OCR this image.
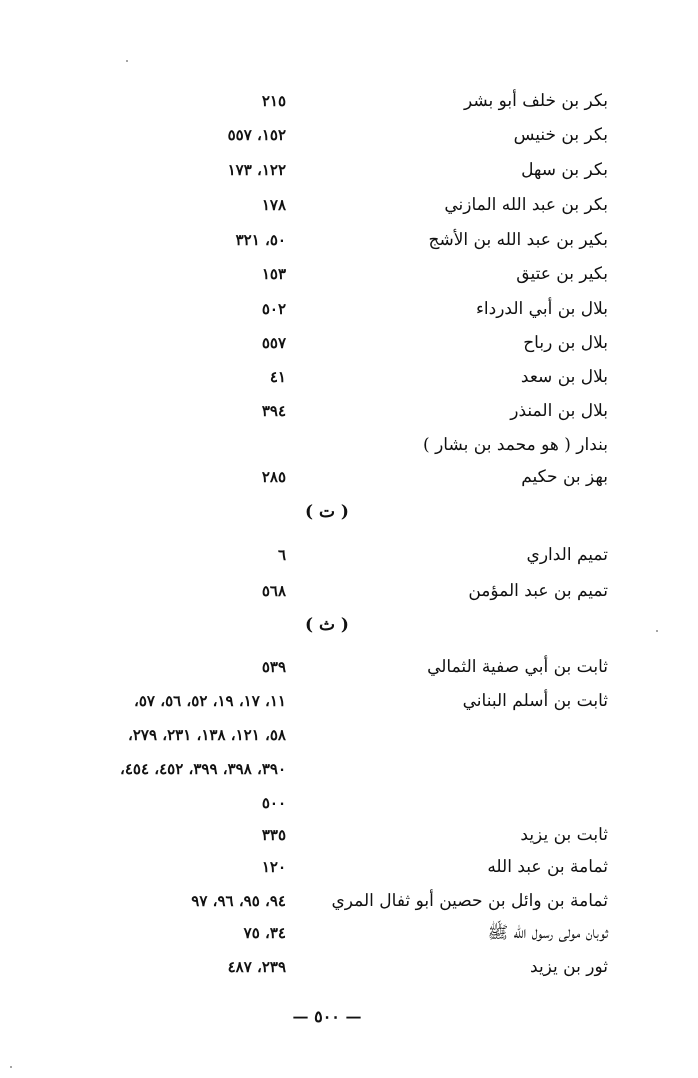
بكر بن خلف أبو بشر
٢١٥
بكر بن خنيس
١٥٢، ٥٥٧
بكر بن سهل
١٢٢، ١٧٣
بكر بن عبد الله المازني
١٧٨
بكير بن عبد الله بن الأشج
٥٠، ٣٢١
بكير بن عتيق
١٥٣
بلال بن أبي الدرداء
٥٠٢
بلال بن رباح
٥٥٧
بلال بن سعد
٤١
بلال بن المنذر
٣٩٤
بندار ( هو محمد بن بشار )
بهز بن حكيم
٢٨٥
( ت )
تميم الداري
٦
تميم بن عبد المؤمن
٥٦٨
( ث )
ثابت بن أبي صفية الثمالي
٥٣٩
ثابت بن أسلم البناني
١١، ١٧، ١٩، ٥٢، ٥٦، ٥٧،
٥٨، ١٢١، ١٣٨، ٢٣١، ٢٧٩،
٣٩٠، ٣٩٨، ٣٩٩، ٤٥٢، ٤٥٤،
٥٠٠
ثابت بن يزيد
٣٣٥
ثمامة بن عبد الله
١٢٠
ثمامة بن وائل بن حصين أبو ثفال المري
٩٤، ٩٥، ٩٦، ٩٧
ثوبان مولى رسول الله ﷺ
٣٤، ٧٥
ثور بن يزيد
٢٣٩، ٤٨٧
— ٥٠٠ —
